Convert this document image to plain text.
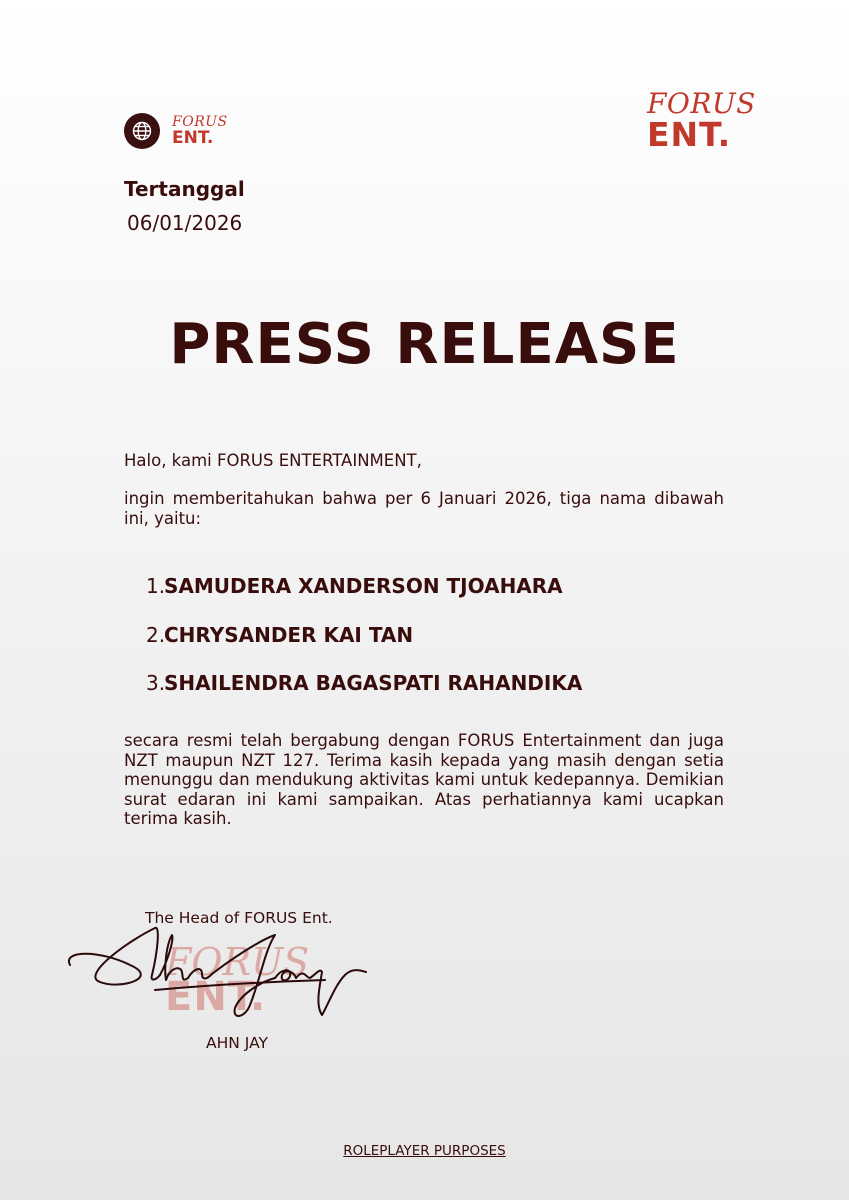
FORUS
ENT.
FORUS
ENT.
Tertanggal
06/01/2026
PRESS RELEASE
Halo, kami FORUS ENTERTAINMENT,
ingin memberitahukan bahwa per 6 Januari 2026, tiga nama dibawah ini, yaitu:
1.
SAMUDERA XANDERSON TJOAHARA
2.
CHRYSANDER KAI TAN
3.
SHAILENDRA BAGASPATI RAHANDIKA
secara resmi telah bergabung dengan FORUS Entertainment dan juga NZT maupun NZT 127. Terima kasih kepada yang masih dengan setia menunggu dan mendukung aktivitas kami untuk kedepannya. Demikian surat edaran ini kami sampaikan. Atas perhatiannya kami ucapkan terima kasih.
The Head of FORUS Ent.
FORUS
ENT.
AHN JAY
ROLEPLAYER PURPOSES
